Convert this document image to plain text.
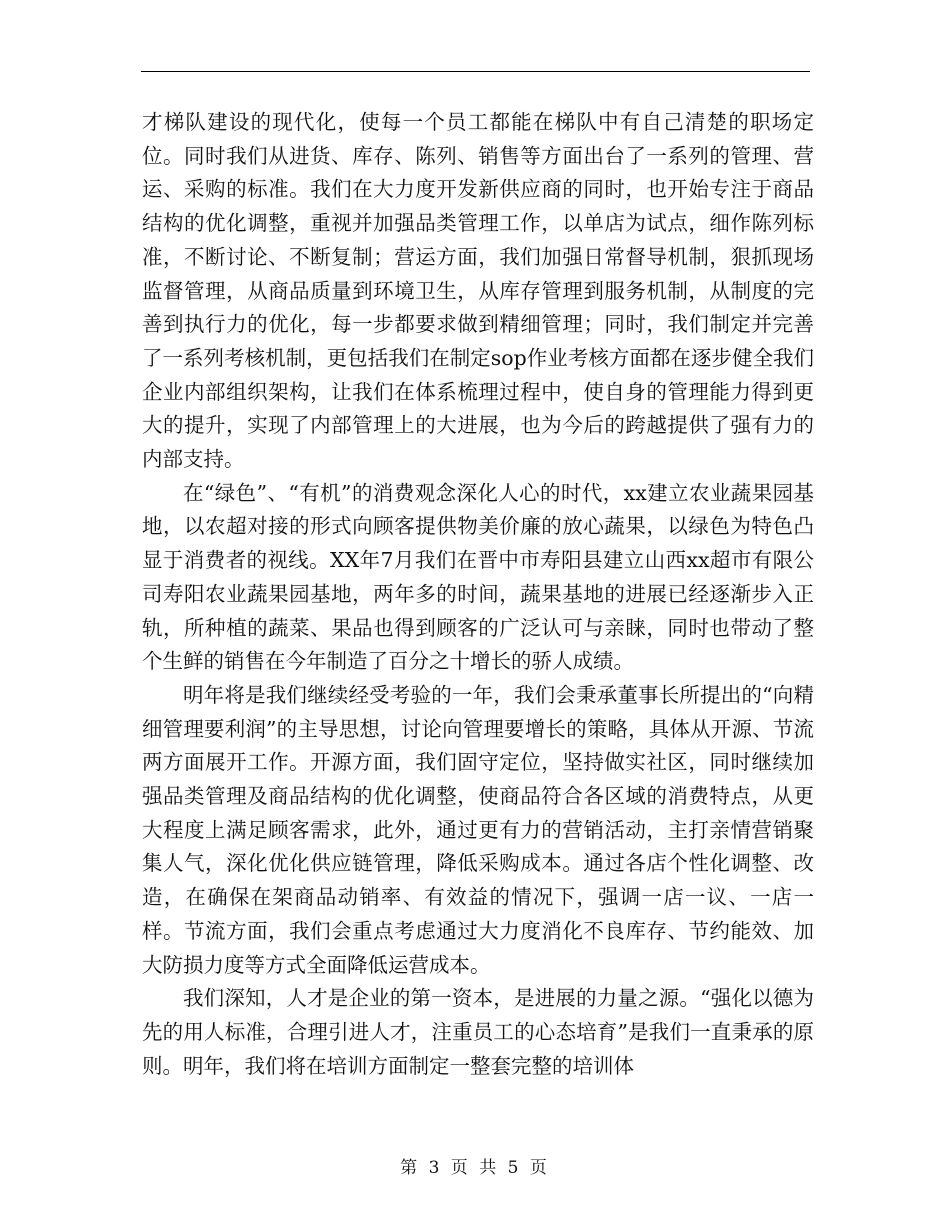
才梯队建设的现代化，使每一个员工都能在梯队中有自己清楚的职场定位。同时我们从进货、库存、陈列、销售等方面出台了一系列的管理、营运、采购的标准。我们在大力度开发新供应商的同时，也开始专注于商品结构的优化调整，重视并加强品类管理工作，以单店为试点，细作陈列标准，不断讨论、不断复制；营运方面，我们加强日常督导机制，狠抓现场监督管理，从商品质量到环境卫生，从库存管理到服务机制，从制度的完善到执行力的优化，每一步都要求做到精细管理；同时，我们制定并完善了一系列考核机制，更包括我们在制定sop作业考核方面都在逐步健全我们企业内部组织架构，让我们在体系梳理过程中，使自身的管理能力得到更大的提升，实现了内部管理上的大进展，也为今后的跨越提供了强有力的内部支持。

在“绿色”、“有机”的消费观念深化人心的时代，xx建立农业蔬果园基地，以农超对接的形式向顾客提供物美价廉的放心蔬果，以绿色为特色凸显于消费者的视线。XX年7月我们在晋中市寿阳县建立山西xx超市有限公司寿阳农业蔬果园基地，两年多的时间，蔬果基地的进展已经逐渐步入正轨，所种植的蔬菜、果品也得到顾客的广泛认可与亲睐，同时也带动了整个生鲜的销售在今年制造了百分之十增长的骄人成绩。

明年将是我们继续经受考验的一年，我们会秉承董事长所提出的“向精细管理要利润”的主导思想，讨论向管理要增长的策略，具体从开源、节流两方面展开工作。开源方面，我们固守定位，坚持做实社区，同时继续加强品类管理及商品结构的优化调整，使商品符合各区域的消费特点，从更大程度上满足顾客需求，此外，通过更有力的营销活动，主打亲情营销聚集人气，深化优化供应链管理，降低采购成本。通过各店个性化调整、改造，在确保在架商品动销率、有效益的情况下，强调一店一议、一店一样。节流方面，我们会重点考虑通过大力度消化不良库存、节约能效、加大防损力度等方式全面降低运营成本。

我们深知，人才是企业的第一资本，是进展的力量之源。“强化以德为先的用人标准，合理引进人才，注重员工的心态培育”是我们一直秉承的原则。明年，我们将在培训方面制定一整套完整的培训体

第 3 页 共 5 页
